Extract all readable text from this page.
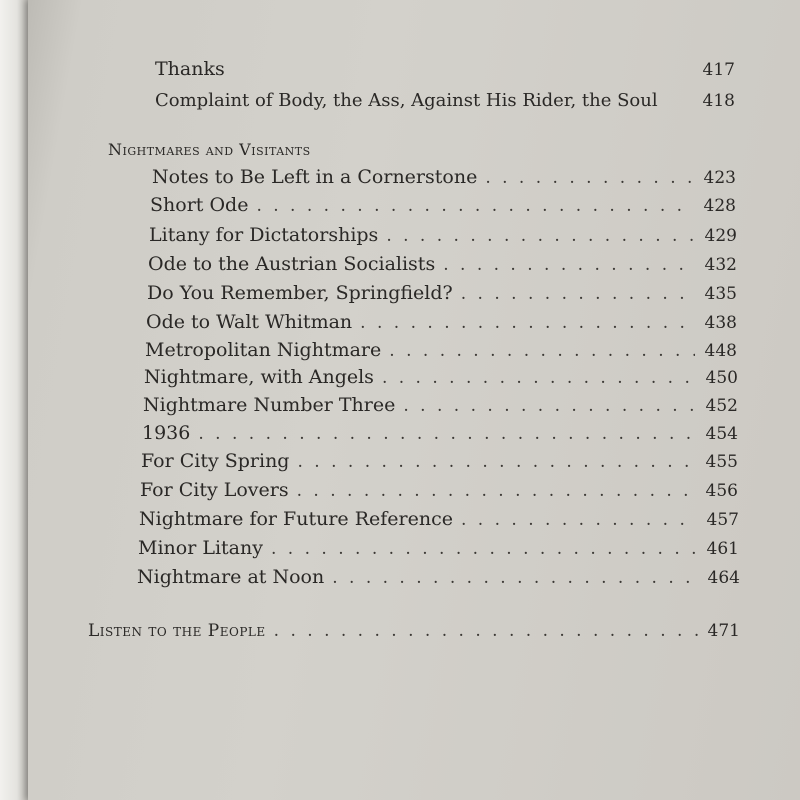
Thanks	417
Complaint of Body, the Ass, Against His Rider, the Soul	418
Nightmares and Visitants
Notes to Be Left in a Cornerstone . . .	423
Short Ode . . .	428
Litany for Dictatorships . . .	429
Ode to the Austrian Socialists . . .	432
Do You Remember, Springfield? . . .	435
Ode to Walt Whitman . . .	438
Metropolitan Nightmare . . .	448
Nightmare, with Angels . . .	450
Nightmare Number Three . . .	452
1936 . . .	454
For City Spring . . .	455
For City Lovers . . .	456
Nightmare for Future Reference . . .	457
Minor Litany . . .	461
Nightmare at Noon . . .	464
Listen to the People . . .	471
